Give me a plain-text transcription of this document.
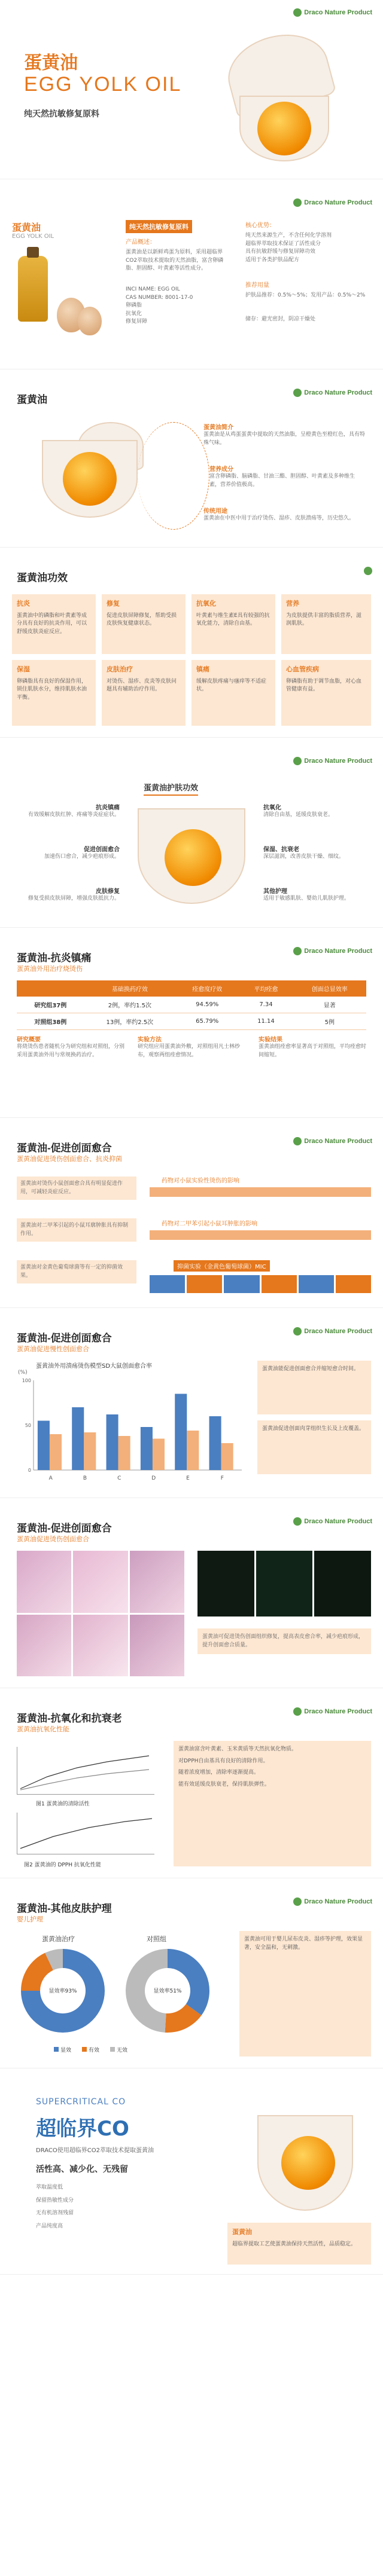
Draco Nature Product
蛋黄油
EGG YOLK OIL
纯天然抗敏修复原料
Draco Nature Product
蛋黄油
EGG YOLK OIL
纯天然抗敏修复原料
产品概述：
蛋黄油是以新鲜鸡蛋为原料，采用超临界CO2萃取技术提取的天然油脂，富含卵磷脂、胆固醇、叶黄素等活性成分。
INCI NAME: EGG OIL
CAS NUMBER: 8001-17-0
卵磷脂
抗氧化
修复屏障
核心优势：
纯天然来源生产，不含任何化学溶剂
超临界萃取技术保证了活性成分
具有抗敏舒缓与修复屏障功效
适用于各类护肤品配方
推荐用量
护肤品推荐：0.5%～5%；发用产品：0.5%～2%
储存：避光密封，阴凉干燥处
Draco Nature Product
蛋黄油
蛋黄油简介
蛋黄油是从鸡蛋蛋黄中提取的天然油脂，呈橙黄色至橙红色，具有特殊气味。
营养成分
富含卵磷脂、脑磷脂、甘油三酯、胆固醇、叶黄素及多种维生素，营养价值极高。
传统用途
蛋黄油在中医中用于治疗烫伤、湿疹、皮肤溃疡等，历史悠久。
蛋黄油功效
抗炎
蛋黄油中的磷脂和叶黄素等成分具有良好的抗炎作用，可以舒缓皮肤炎症反应。
修复
促进皮肤屏障修复，帮助受损皮肤恢复健康状态。
抗氧化
叶黄素与维生素E具有较强的抗氧化能力，清除自由基。
营养
为皮肤提供丰富的脂质营养，滋润肌肤。
保湿
卵磷脂具有良好的保湿作用，锁住肌肤水分，维持肌肤水油平衡。
皮肤治疗
对烫伤、湿疹、皮炎等皮肤问题具有辅助治疗作用。
镇痛
缓解皮肤疼痛与瘙痒等不适症状。
心血管疾病
卵磷脂有助于调节血脂，对心血管健康有益。
Draco Nature Product
蛋黄油护肤功效
抗炎镇痛
有效缓解皮肤红肿、疼痛等炎症症状。
促进创面愈合
加速伤口愈合，减少疤痕形成。
皮肤修复
修复受损皮肤屏障，增强皮肤抵抗力。
抗氧化
清除自由基，延缓皮肤衰老。
保湿、抗衰老
深层滋润，改善皮肤干燥、细纹。
其他护理
适用于敏感肌肤、婴幼儿肌肤护理。
Draco Nature Product
蛋黄油-抗炎镇痛
蛋黄油外用治疗烧烫伤
	基础换药疗效	痊愈度疗效	平均痊愈	创面总显效率
研究组37例	2例，率约1.5次	94.59%	7.34	显著
对照组38例	13例，率约2.5次	65.79%	11.14	5例
研究概要
将烧烫伤患者随机分为研究组和对照组，分别采用蛋黄油外用与常规换药治疗。
实验方法
研究组应用蛋黄油外敷，对照组用凡士林纱布，观察两组痊愈情况。
实验结果
蛋黄油组痊愈率显著高于对照组，平均痊愈时间缩短。
Draco Nature Product
蛋黄油-促进创面愈合
蛋黄油促进烫伤创面愈合、抗炎抑菌
蛋黄油对烫伤小鼠创面愈合具有明显促进作用，可减轻炎症反应。
蛋黄油对二甲苯引起的小鼠耳廓肿胀具有抑制作用。
蛋黄油对金黄色葡萄球菌等有一定的抑菌效果。
药物对小鼠实验性烫伤的影响
药物对二甲苯引起小鼠耳肿胀的影响
抑菌实验（金黄色葡萄球菌）MIC
Draco Nature Product
蛋黄油-促进创面愈合
蛋黄油促进慢性创面愈合
蛋黄油外用溃疡烫伤模型SD大鼠创面愈合率
(%)
A	B	C	D	E	F
0
50
100
蛋黄油能促进创面愈合并缩短愈合时间。
蛋黄油促进创面肉芽组织生长及上皮覆盖。
Draco Nature Product
蛋黄油-促进创面愈合
蛋黄油促进烫伤创面愈合
蛋黄油可促进烫伤创面组织修复，提高表皮愈合率，减少疤痕形成，提升创面愈合质量。
Draco Nature Product
蛋黄油-抗氧化和抗衰老
蛋黄油抗氧化性能
图1 蛋黄油的清除活性
图2 蛋黄油的 DPPH 抗氧化性能
蛋黄油富含叶黄素、玉米黄质等天然抗氧化物质。
对DPPH自由基具有良好的清除作用。
随着浓度增加，清除率逐渐提高。
能有效延缓皮肤衰老，保持肌肤弹性。
Draco Nature Product
蛋黄油-其他皮肤护理
婴儿护理
蛋黄油治疗	对照组
显效率93%	显效率51%
显效	有效	无效
蛋黄油可用于婴儿尿布皮炎、湿疹等护理，效果显著，安全温和，无刺激。
SUPERCRITICAL CO
超临界CO
DRACO使用超临界CO2萃取技术提取蛋黄油
活性高、减少化、无残留
萃取温度低
保留热敏性成分
无有机溶剂残留
产品纯度高
蛋黄油
超临界提取工艺使蛋黄油保持天然活性，品质稳定。
